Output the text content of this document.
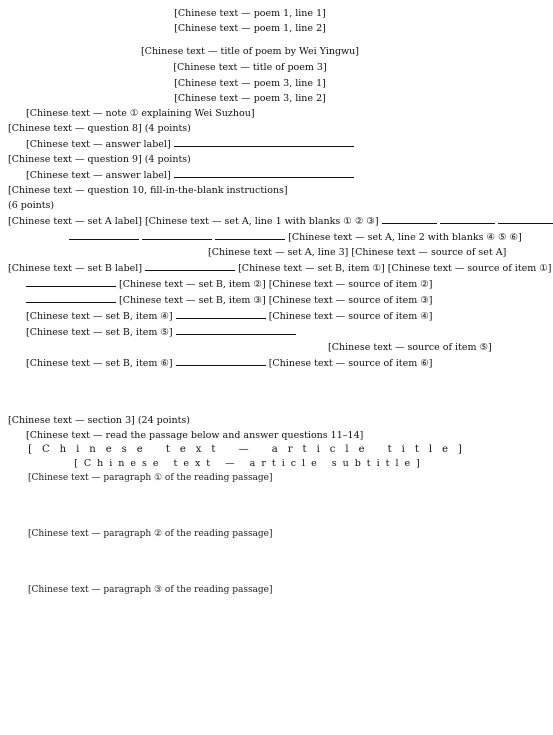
[Chinese text — poem 1, line 1]
[Chinese text — poem 1, line 2]
[Chinese text — title of poem by Wei Yingwu]
[Chinese text — title of poem 3]
[Chinese text — poem 3, line 1]
[Chinese text — poem 3, line 2]
[Chinese text — note ① explaining Wei Suzhou]
[Chinese text — question 8] (4 points)
[Chinese text — answer label]
[Chinese text — question 9] (4 points)
[Chinese text — answer label]
[Chinese text — question 10, fill-in-the-blank instructions]
(6 points)
[Chinese text — set A label] [Chinese text — set A, line 1 with blanks ① ② ③]
[Chinese text — set A, line 2 with blanks ④ ⑤ ⑥]
[Chinese text — set A, line 3] [Chinese text — source of set A]
[Chinese text — set B label]	[Chinese text — set B, item ①] [Chinese text — source of item ①]
[Chinese text — set B, item ②] [Chinese text — source of item ②]
[Chinese text — set B, item ③] [Chinese text — source of item ③]
[Chinese text — set B, item ④]	[Chinese text — source of item ④]
[Chinese text — set B, item ⑤]
[Chinese text — source of item ⑤]
[Chinese text — set B, item ⑥]	[Chinese text — source of item ⑥]
[Chinese text — section 3] (24 points)
[Chinese text — read the passage below and answer questions 11–14]
[Chinese text — article title]
[Chinese text — article subtitle]

[Chinese text — paragraph ① of the reading passage]

[Chinese text — paragraph ② of the reading passage]

[Chinese text — paragraph ③ of the reading passage]
